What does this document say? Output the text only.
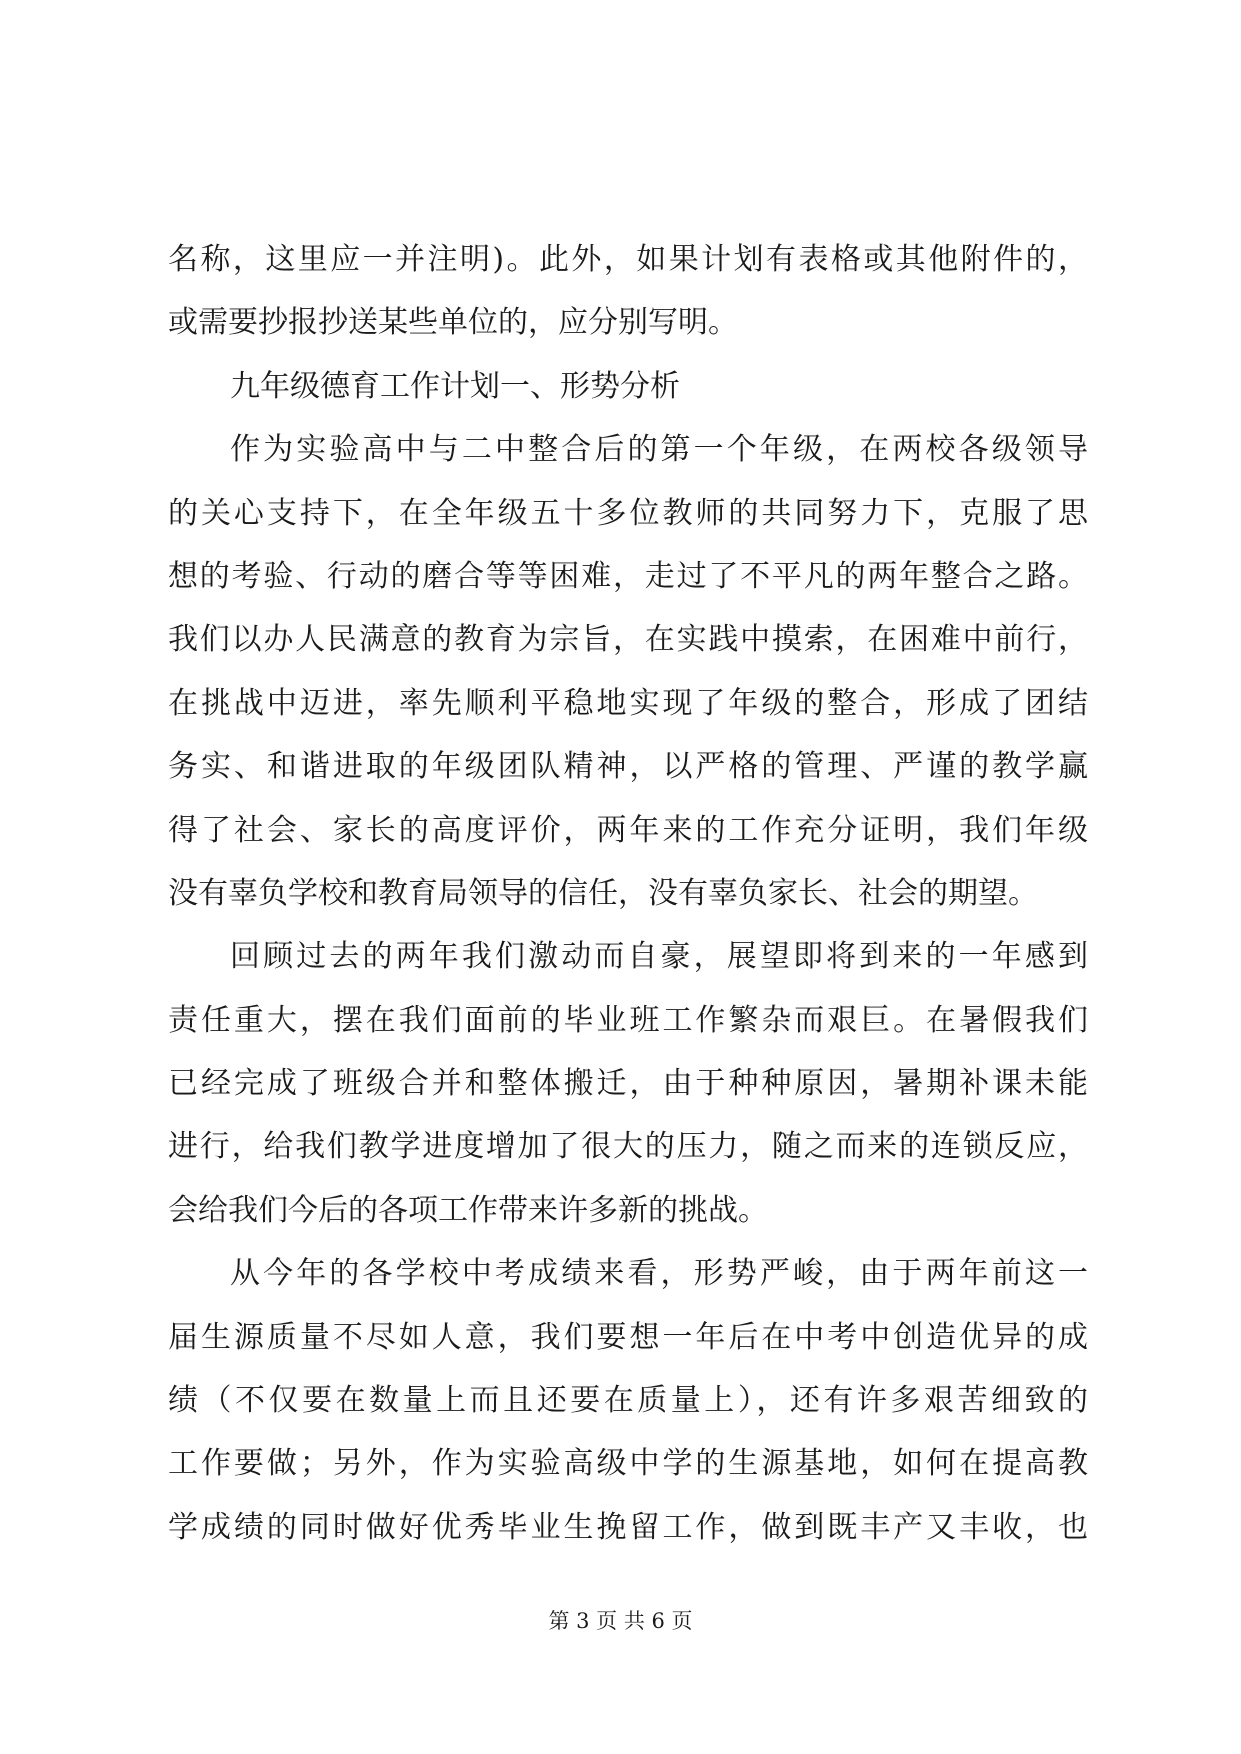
名称，这里应一并注明)。此外，如果计划有表格或其他附件的，
或需要抄报抄送某些单位的，应分别写明。
九年级德育工作计划一、形势分析
作为实验高中与二中整合后的第一个年级，在两校各级领导
的关心支持下，在全年级五十多位教师的共同努力下，克服了思
想的考验、行动的磨合等等困难，走过了不平凡的两年整合之路。
我们以办人民满意的教育为宗旨，在实践中摸索，在困难中前行，
在挑战中迈进，率先顺利平稳地实现了年级的整合，形成了团结
务实、和谐进取的年级团队精神，以严格的管理、严谨的教学赢
得了社会、家长的高度评价，两年来的工作充分证明，我们年级
没有辜负学校和教育局领导的信任，没有辜负家长、社会的期望。
回顾过去的两年我们激动而自豪，展望即将到来的一年感到
责任重大，摆在我们面前的毕业班工作繁杂而艰巨。在暑假我们
已经完成了班级合并和整体搬迁，由于种种原因，暑期补课未能
进行，给我们教学进度增加了很大的压力，随之而来的连锁反应，
会给我们今后的各项工作带来许多新的挑战。
从今年的各学校中考成绩来看，形势严峻，由于两年前这一
届生源质量不尽如人意，我们要想一年后在中考中创造优异的成
绩（不仅要在数量上而且还要在质量上），还有许多艰苦细致的
工作要做；另外，作为实验高级中学的生源基地，如何在提高教
学成绩的同时做好优秀毕业生挽留工作，做到既丰产又丰收，也
第 3 页 共 6 页
